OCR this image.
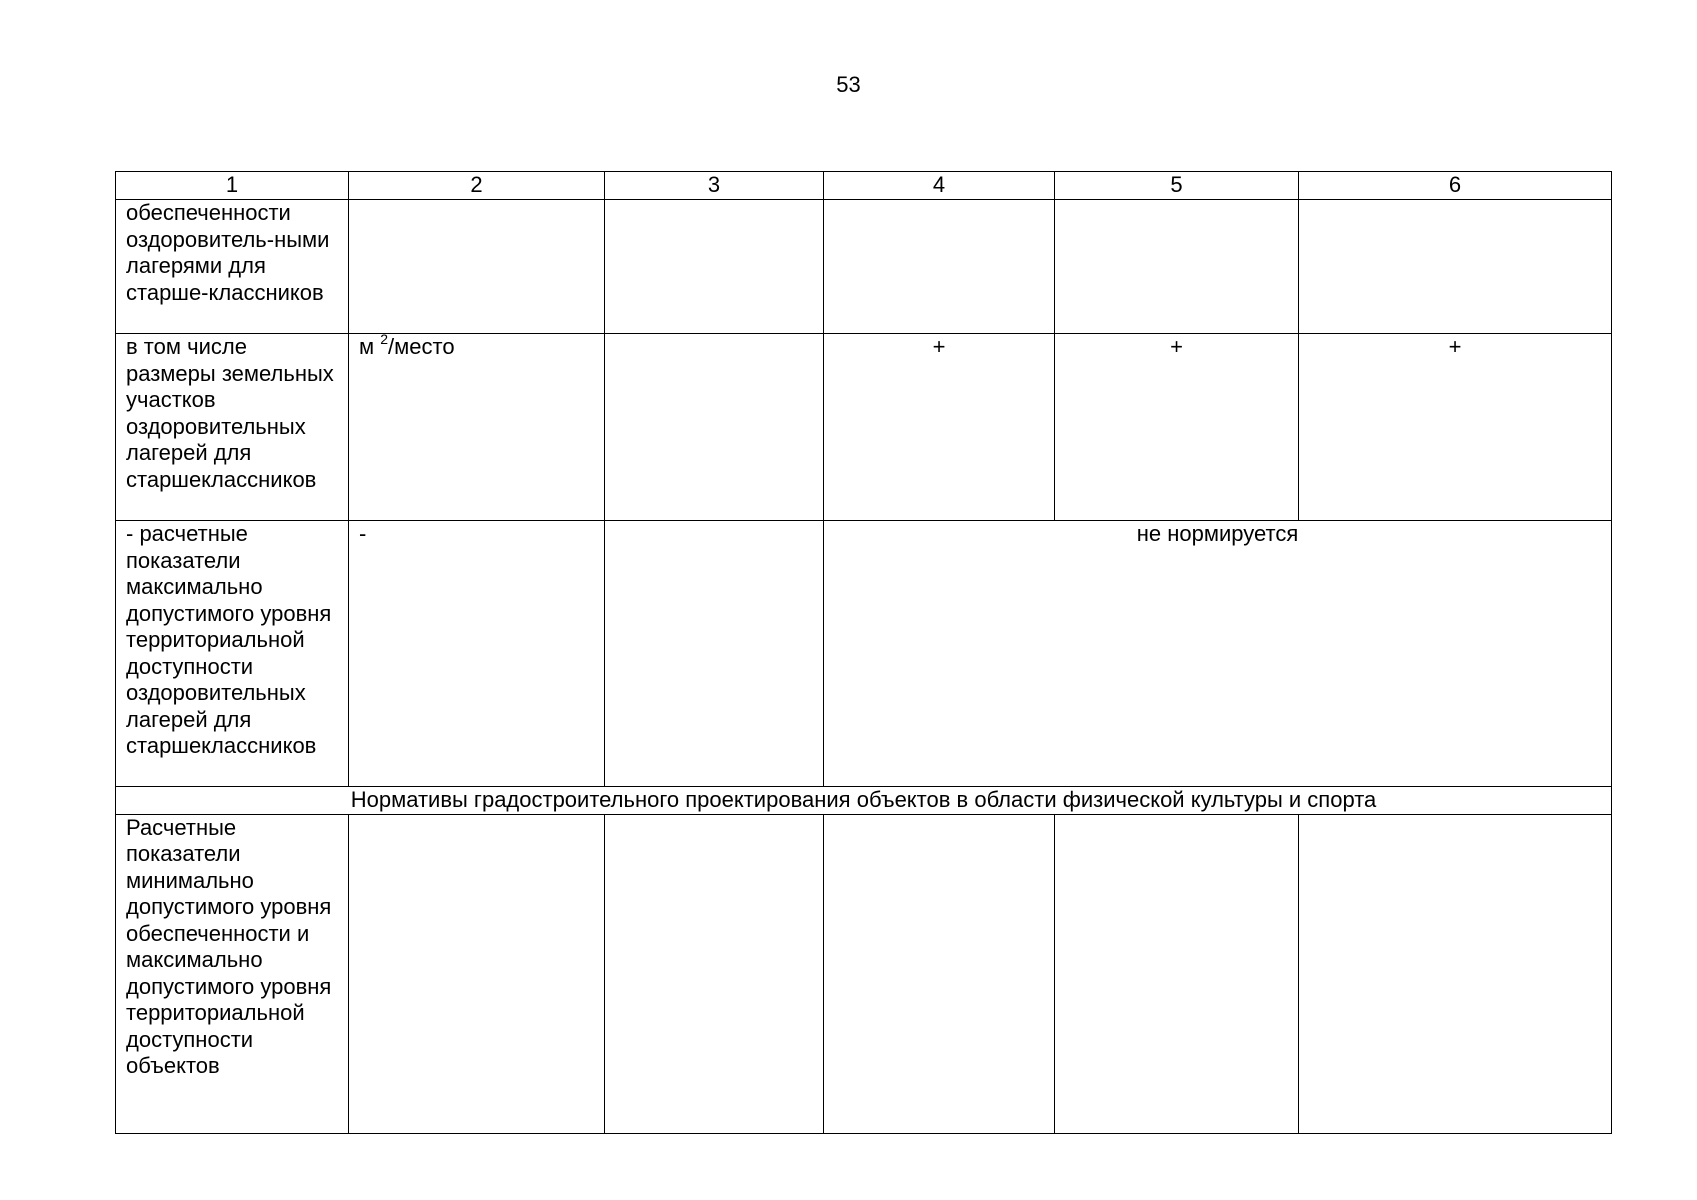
53
1	2	3	4	5	6
обеспеченности оздоровитель-ными лагерями для старше-классников					
в том числе размеры земельных участков оздоровительных лагерей для старшеклассников	м $^2$/место		+	+	+
- расчетные показатели максимально допустимого уровня территориальной доступности оздоровительных лагерей для старшеклассников	-		не нормируется		
Нормативы градостроительного проектирования объектов в области физической культуры и спорта					
Расчетные показатели минимально допустимого уровня обеспеченности и максимально допустимого уровня территориальной доступности объектов					
